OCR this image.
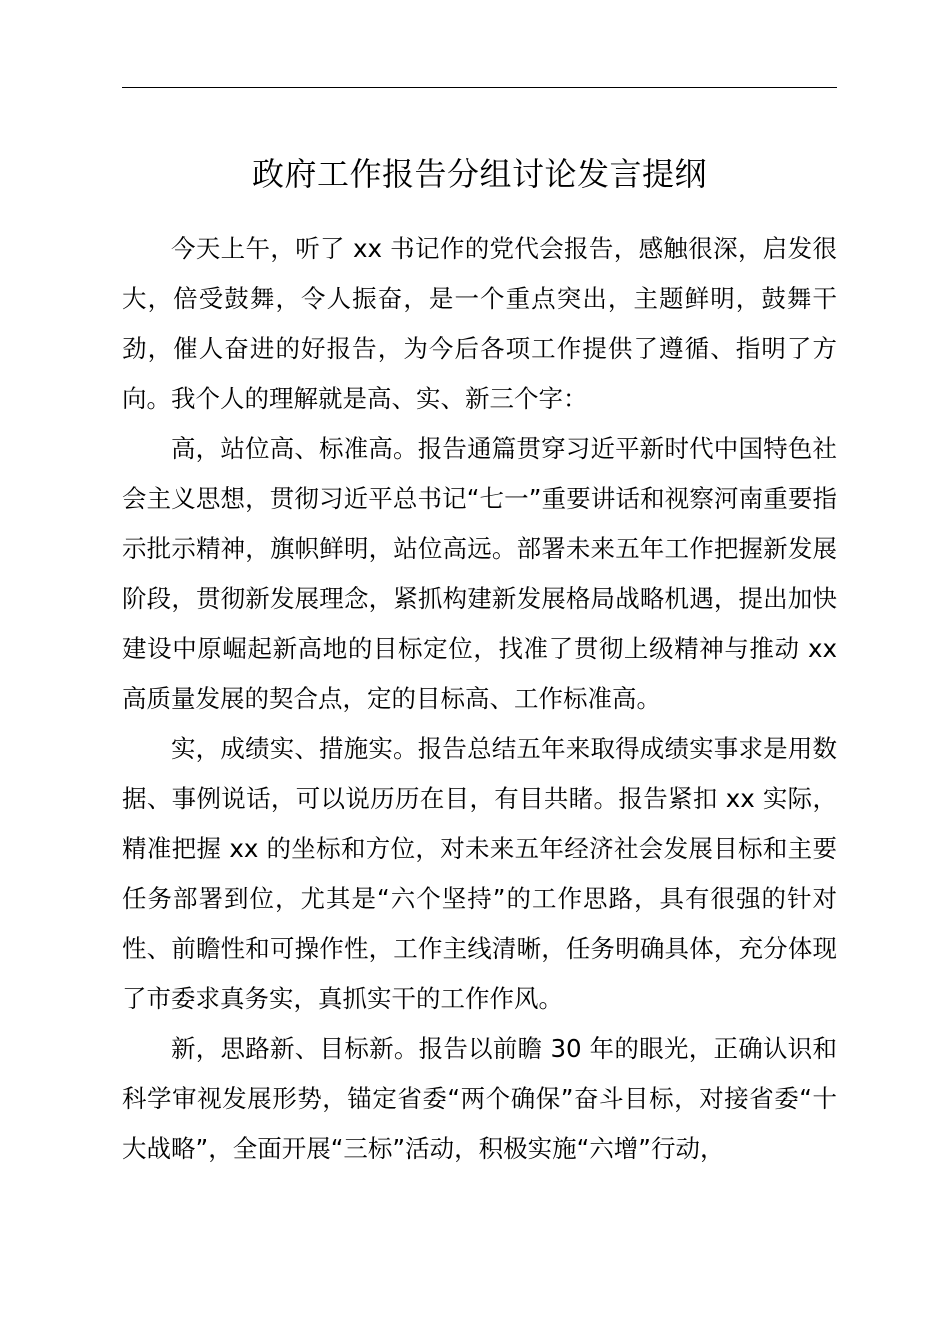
政府工作报告分组讨论发言提纲

今天上午，听了 xx 书记作的党代会报告，感触很深，启发很大，倍受鼓舞，令人振奋，是一个重点突出，主题鲜明，鼓舞干劲，催人奋进的好报告，为今后各项工作提供了遵循、指明了方向。我个人的理解就是高、实、新三个字：

高，站位高、标准高。报告通篇贯穿习近平新时代中国特色社会主义思想，贯彻习近平总书记“七一”重要讲话和视察河南重要指示批示精神，旗帜鲜明，站位高远。部署未来五年工作把握新发展阶段，贯彻新发展理念，紧抓构建新发展格局战略机遇，提出加快建设中原崛起新高地的目标定位，找准了贯彻上级精神与推动 xx 高质量发展的契合点，定的目标高、工作标准高。

实，成绩实、措施实。报告总结五年来取得成绩实事求是用数据、事例说话，可以说历历在目，有目共睹。报告紧扣 xx 实际，精准把握 xx 的坐标和方位，对未来五年经济社会发展目标和主要任务部署到位，尤其是“六个坚持”的工作思路，具有很强的针对性、前瞻性和可操作性，工作主线清晰，任务明确具体，充分体现了市委求真务实，真抓实干的工作作风。

新，思路新、目标新。报告以前瞻 30 年的眼光，正确认识和科学审视发展形势，锚定省委“两个确保”奋斗目标，对接省委“十大战略”，全面开展“三标”活动，积极实施“六增”行动，
